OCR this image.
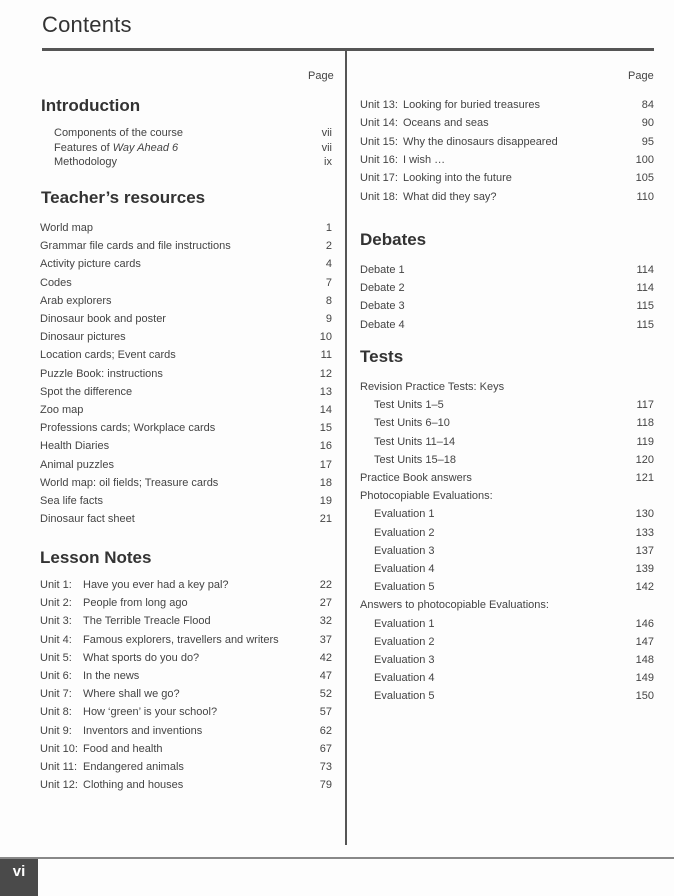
Contents
Page
Introduction
Components of the course	vii
Features of Way Ahead 6	vii
Methodology	ix
Teacher’s resources
World map	1
Grammar file cards and file instructions	2
Activity picture cards	4
Codes	7
Arab explorers	8
Dinosaur book and poster	9
Dinosaur pictures	10
Location cards; Event cards	11
Puzzle Book: instructions	12
Spot the difference	13
Zoo map	14
Professions cards; Workplace cards	15
Health Diaries	16
Animal puzzles	17
World map: oil fields; Treasure cards	18
Sea life facts	19
Dinosaur fact sheet	21
Lesson Notes
Unit 1: Have you ever had a key pal?	22
Unit 2: People from long ago	27
Unit 3: The Terrible Treacle Flood	32
Unit 4: Famous explorers, travellers and writers	37
Unit 5: What sports do you do?	42
Unit 6: In the news	47
Unit 7: Where shall we go?	52
Unit 8: How ‘green’ is your school?	57
Unit 9: Inventors and inventions	62
Unit 10: Food and health	67
Unit 11: Endangered animals	73
Unit 12: Clothing and houses	79
Page
Unit 13: Looking for buried treasures	84
Unit 14: Oceans and seas	90
Unit 15: Why the dinosaurs disappeared	95
Unit 16: I wish …	100
Unit 17: Looking into the future	105
Unit 18: What did they say?	110
Debates
Debate 1	114
Debate 2	114
Debate 3	115
Debate 4	115
Tests
Revision Practice Tests: Keys
Test Units 1–5	117
Test Units 6–10	118
Test Units 11–14	119
Test Units 15–18	120
Practice Book answers	121
Photocopiable Evaluations:
Evaluation 1	130
Evaluation 2	133
Evaluation 3	137
Evaluation 4	139
Evaluation 5	142
Answers to photocopiable Evaluations:
Evaluation 1	146
Evaluation 2	147
Evaluation 3	148
Evaluation 4	149
Evaluation 5	150
vi
